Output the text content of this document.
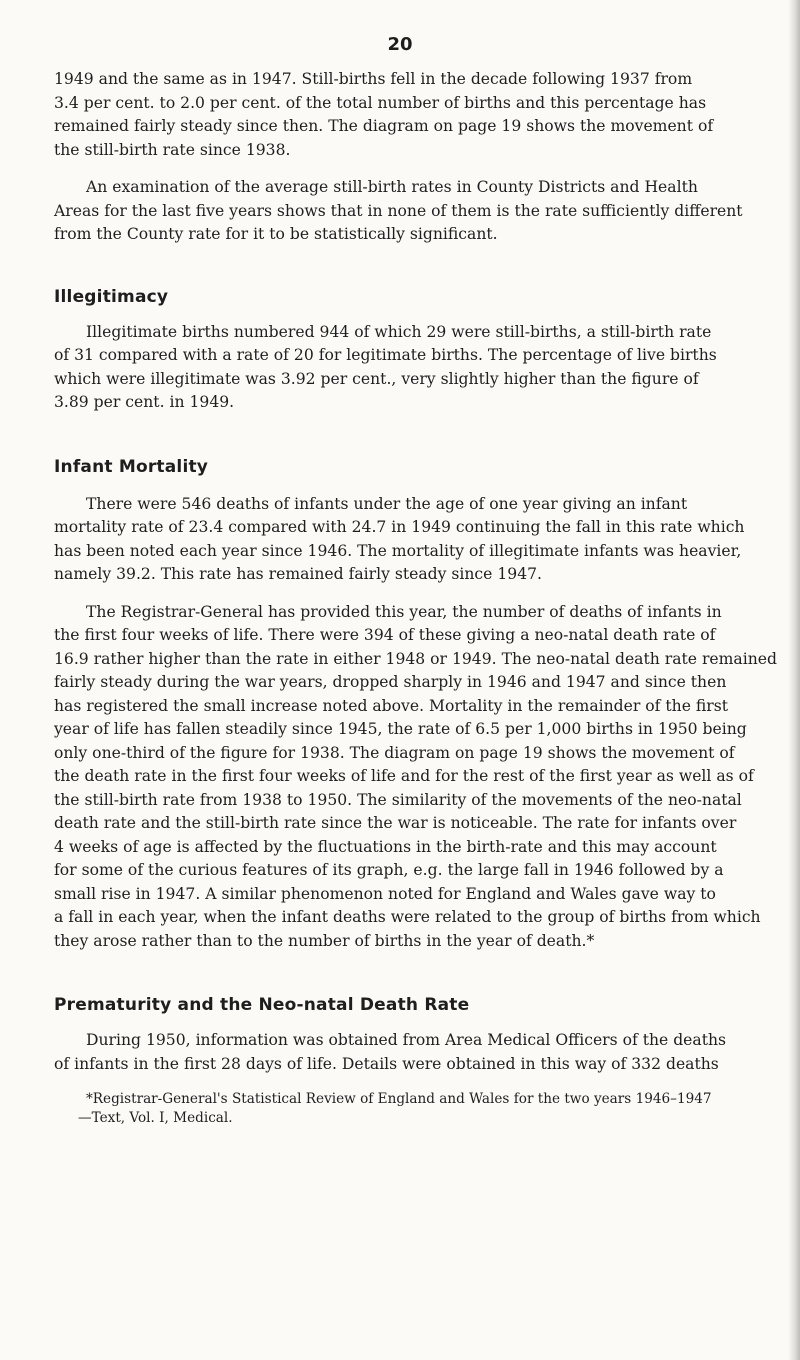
20

1949 and the same as in 1947. Still-births fell in the decade following 1937 from

3.4 per cent. to 2.0 per cent. of the total number of births and this percentage has

remained fairly steady since then. The diagram on page 19 shows the movement of

the still-birth rate since 1938.

An examination of the average still-birth rates in County Districts and Health

Areas for the last five years shows that in none of them is the rate sufficiently different

from the County rate for it to be statistically significant.

Illegitimacy

Illegitimate births numbered 944 of which 29 were still-births, a still-birth rate

of 31 compared with a rate of 20 for legitimate births. The percentage of live births

which were illegitimate was 3.92 per cent., very slightly higher than the figure of

3.89 per cent. in 1949.

Infant Mortality

There were 546 deaths of infants under the age of one year giving an infant

mortality rate of 23.4 compared with 24.7 in 1949 continuing the fall in this rate which

has been noted each year since 1946. The mortality of illegitimate infants was heavier,

namely 39.2. This rate has remained fairly steady since 1947.

The Registrar-General has provided this year, the number of deaths of infants in

the first four weeks of life. There were 394 of these giving a neo-natal death rate of

16.9 rather higher than the rate in either 1948 or 1949. The neo-natal death rate remained

fairly steady during the war years, dropped sharply in 1946 and 1947 and since then

has registered the small increase noted above. Mortality in the remainder of the first

year of life has fallen steadily since 1945, the rate of 6.5 per 1,000 births in 1950 being

only one-third of the figure for 1938. The diagram on page 19 shows the movement of

the death rate in the first four weeks of life and for the rest of the first year as well as of

the still-birth rate from 1938 to 1950. The similarity of the movements of the neo-natal

death rate and the still-birth rate since the war is noticeable. The rate for infants over

4 weeks of age is affected by the fluctuations in the birth-rate and this may account

for some of the curious features of its graph, e.g. the large fall in 1946 followed by a

small rise in 1947. A similar phenomenon noted for England and Wales gave way to

a fall in each year, when the infant deaths were related to the group of births from which

they arose rather than to the number of births in the year of death.*

Prematurity and the Neo-natal Death Rate

During 1950, information was obtained from Area Medical Officers of the deaths

of infants in the first 28 days of life. Details were obtained in this way of 332 deaths

*Registrar-General's Statistical Review of England and Wales for the two years 1946–1947

—Text, Vol. I, Medical.
